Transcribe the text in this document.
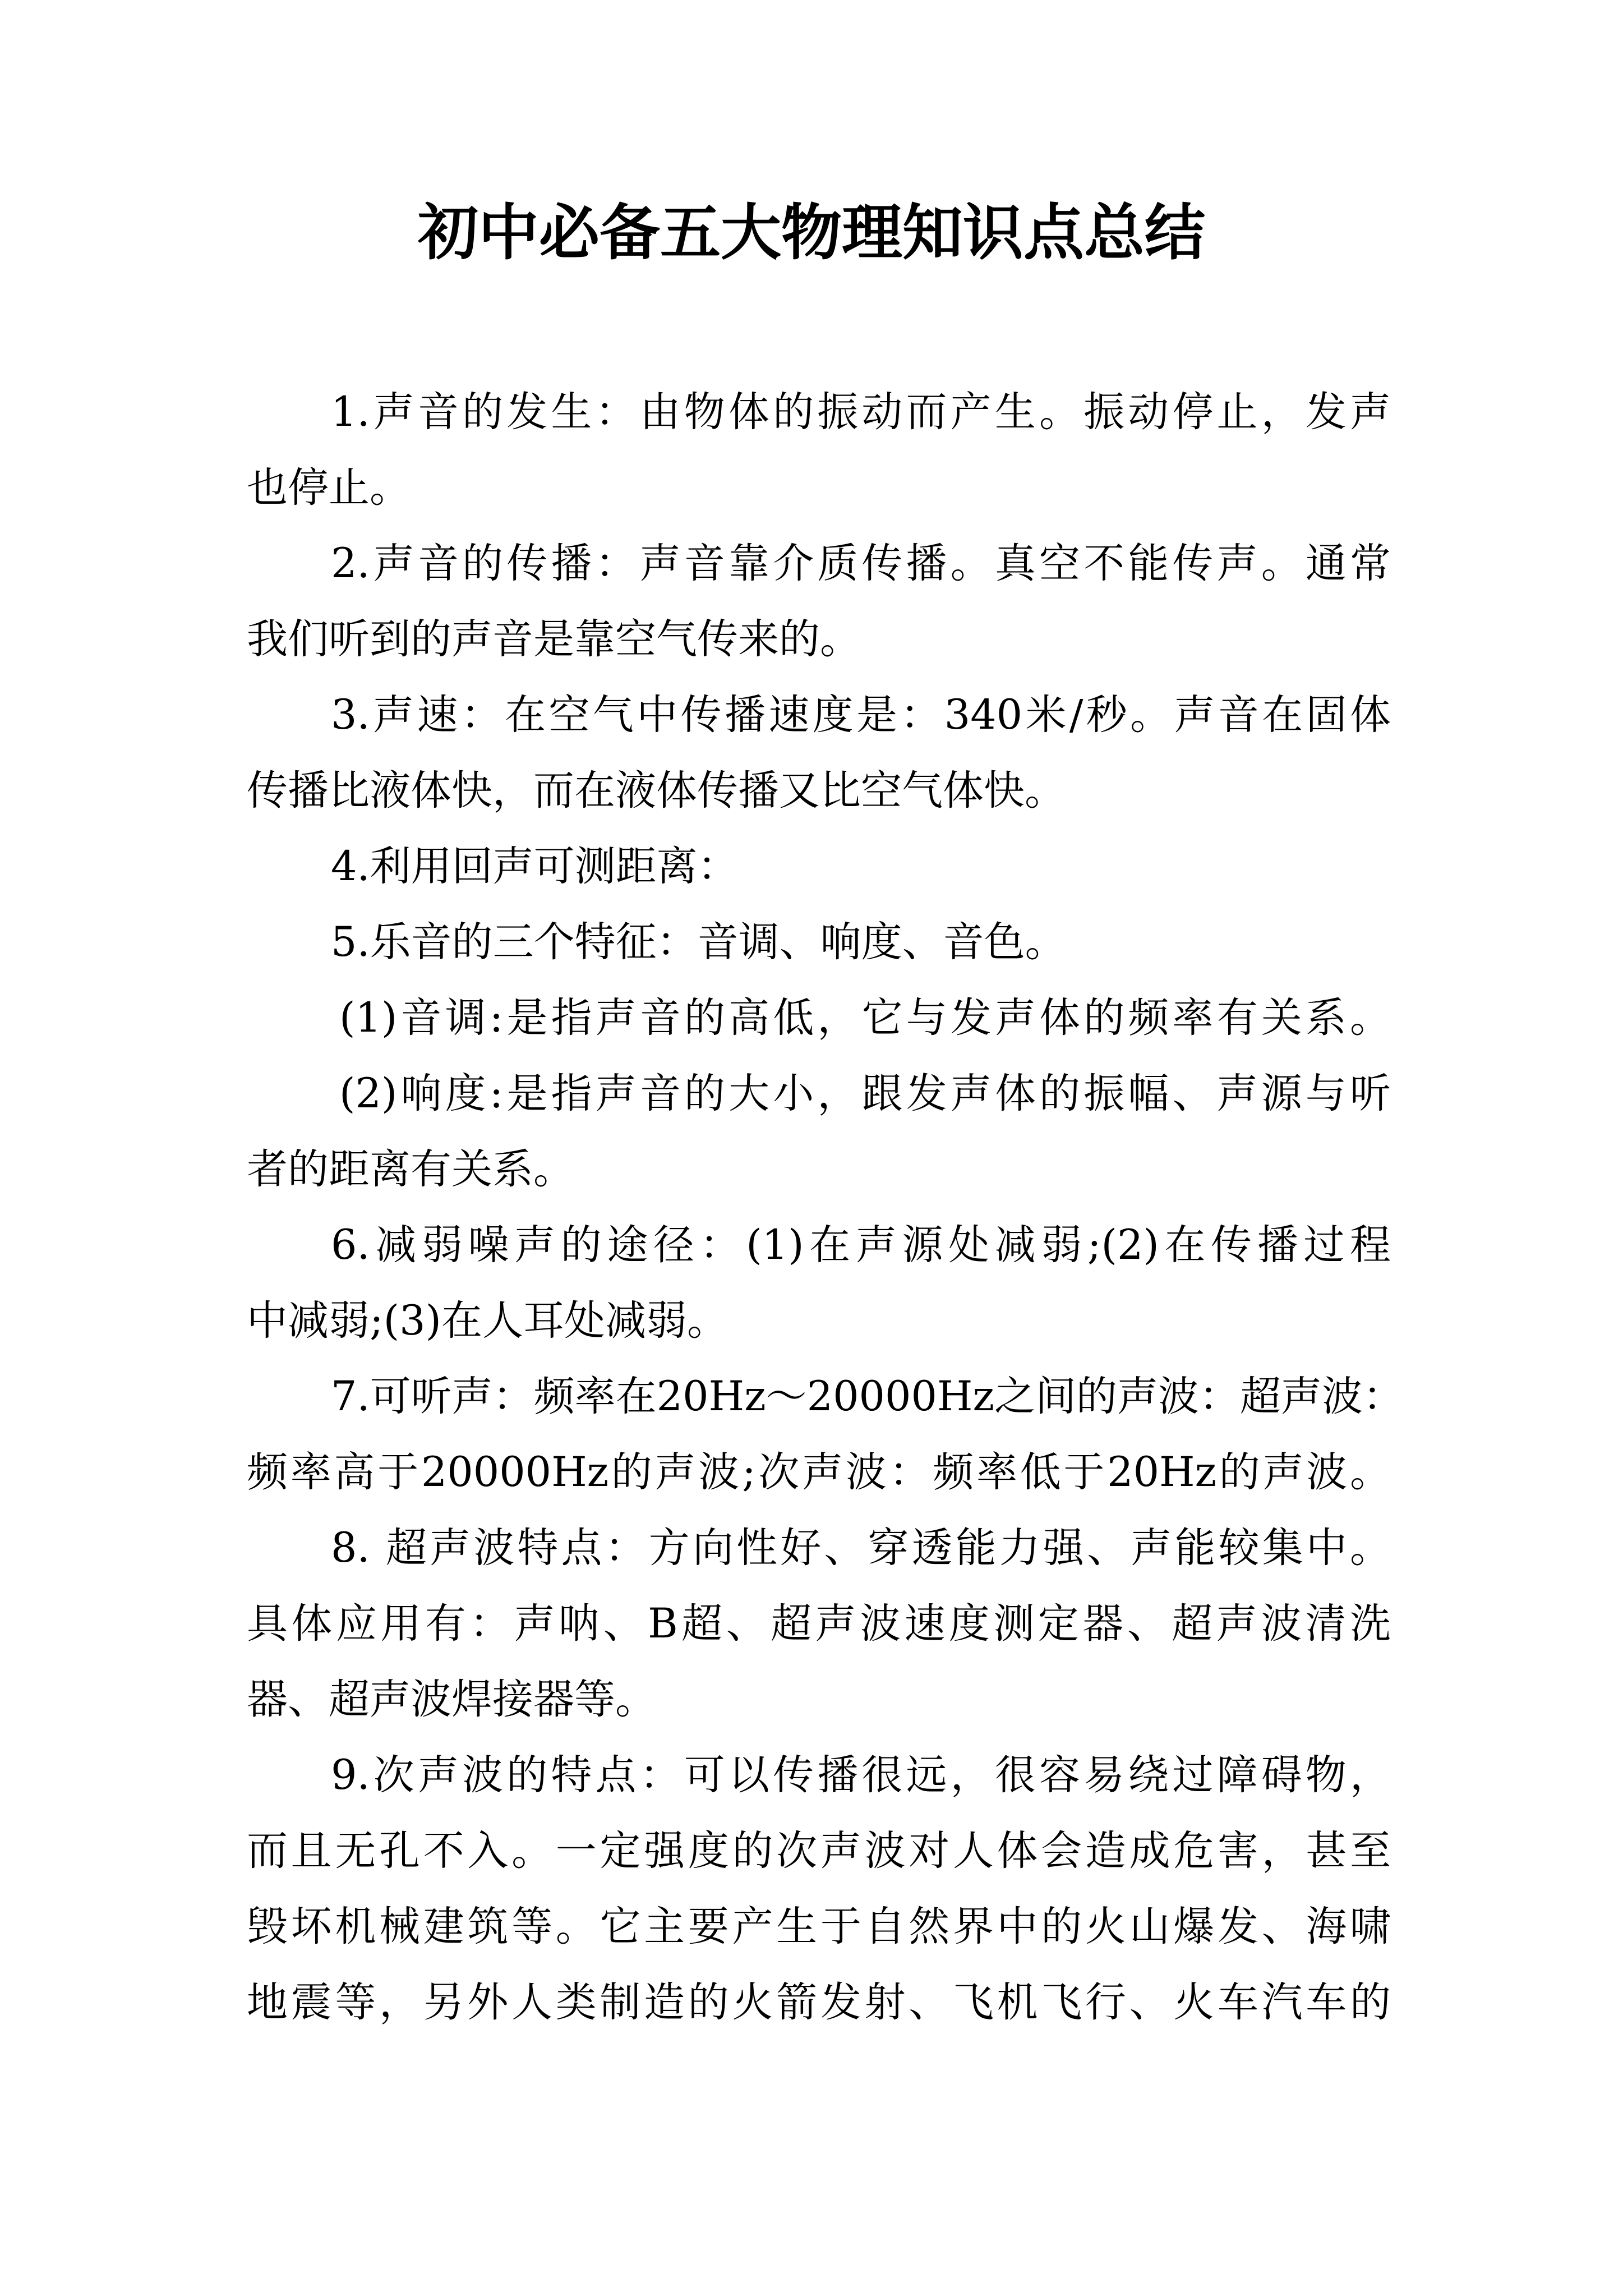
初中必备五大物理知识点总结

1.声音的发生：由物体的振动而产生。振动停止，发声

也停止。

2.声音的传播：声音靠介质传播。真空不能传声。通常

我们听到的声音是靠空气传来的。

3.声速：在空气中传播速度是：340米/秒。声音在固体

传播比液体快，而在液体传播又比空气体快。

4.利用回声可测距离：

5.乐音的三个特征：音调、响度、音色。

(1)音调:是指声音的高低，它与发声体的频率有关系。

(2)响度:是指声音的大小，跟发声体的振幅、声源与听

者的距离有关系。

6.减弱噪声的途径：(1)在声源处减弱;(2)在传播过程

中减弱;(3)在人耳处减弱。

7.可听声：频率在20Hz～20000Hz之间的声波：超声波：

频率高于20000Hz的声波;次声波：频率低于20Hz的声波。

8. 超声波特点：方向性好、穿透能力强、声能较集中。

具体应用有：声呐、B超、超声波速度测定器、超声波清洗

器、超声波焊接器等。

9.次声波的特点：可以传播很远，很容易绕过障碍物，

而且无孔不入。一定强度的次声波对人体会造成危害，甚至

毁坏机械建筑等。它主要产生于自然界中的火山爆发、海啸

地震等，另外人类制造的火箭发射、飞机飞行、火车汽车的
